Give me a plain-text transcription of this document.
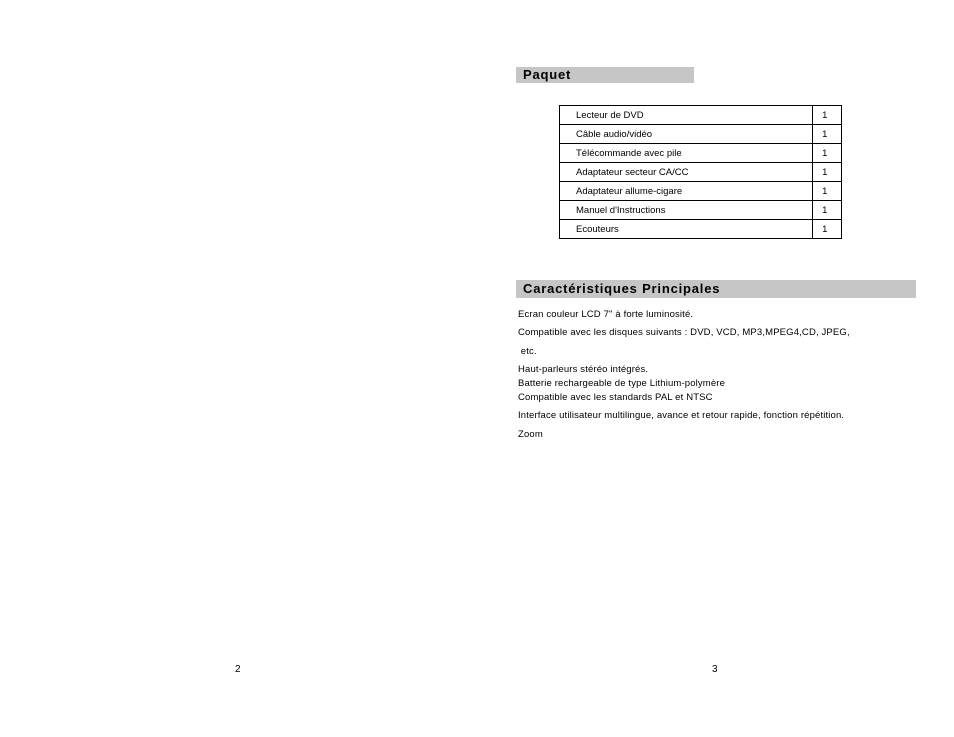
2
Paquet
Lecteur de DVD	1
Câble audio/vidéo	1
Télécommande avec pile	1
Adaptateur secteur CA/CC	1
Adaptateur allume-cigare	1
Manuel d'Instructions	1
Ecouteurs	1
Caractéristiques Principales
Ecran couleur LCD 7" à forte luminosité.
Compatible avec les disques suivants : DVD, VCD, MP3,MPEG4,CD, JPEG,
etc.
Haut-parleurs stéréo intégrés.
Batterie rechargeable de type Lithium-polymère
Compatible avec les standards PAL et NTSC
Interface utilisateur multilingue, avance et retour rapide, fonction répétition.
Zoom
3
